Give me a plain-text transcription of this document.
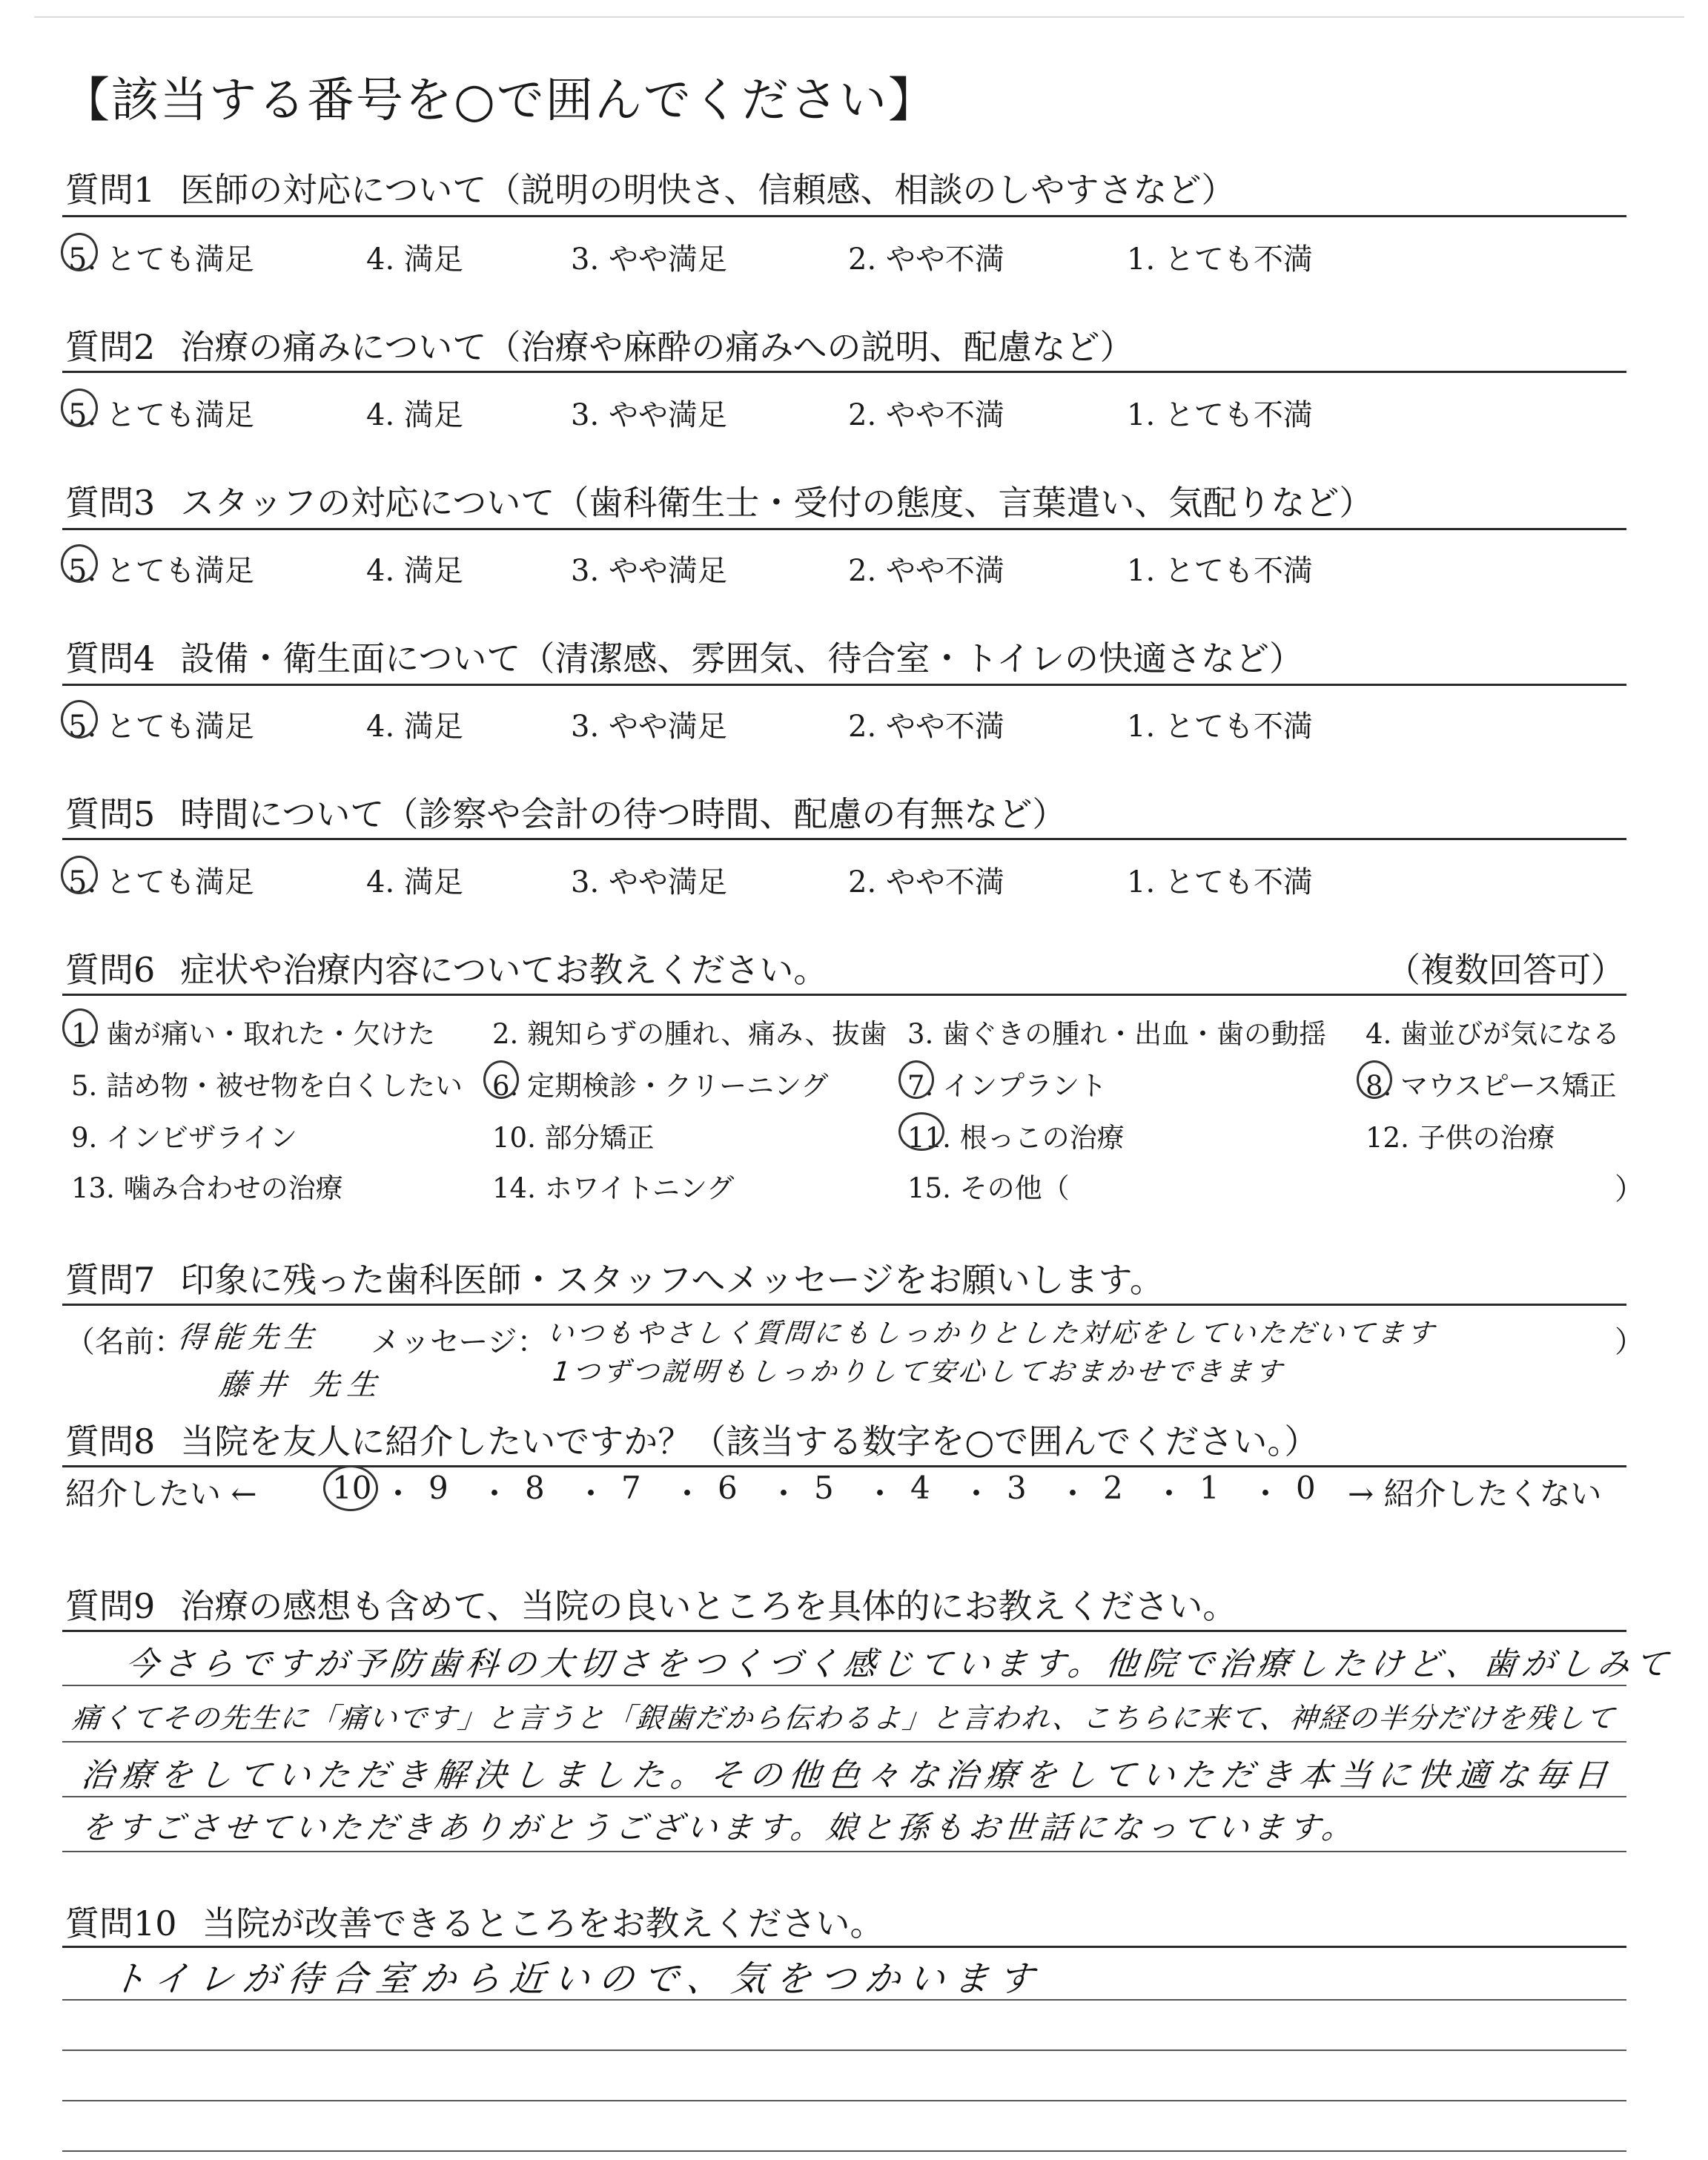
【該当する番号を○で囲んでください】
質問1 医師の対応について（説明の明快さ、信頼感、相談のしやすさなど）
5. とても満足	4. 満足	3. やや満足	2. やや不満	1. とても不満
質問2 治療の痛みについて（治療や麻酔の痛みへの説明、配慮など）
5. とても満足	4. 満足	3. やや満足	2. やや不満	1. とても不満
質問3 スタッフの対応について（歯科衛生士・受付の態度、言葉遣い、気配りなど）
5. とても満足	4. 満足	3. やや満足	2. やや不満	1. とても不満
質問4 設備・衛生面について（清潔感、雰囲気、待合室・トイレの快適さなど）
5. とても満足	4. 満足	3. やや満足	2. やや不満	1. とても不満
質問5 時間について（診察や会計の待つ時間、配慮の有無など）
5. とても満足	4. 満足	3. やや満足	2. やや不満	1. とても不満
質問6 症状や治療内容についてお教えください。	（複数回答可）
1. 歯が痛い・取れた・欠けた 2. 親知らずの腫れ、痛み、抜歯 3. 歯ぐきの腫れ・出血・歯の動揺 4. 歯並びが気になる
5. 詰め物・被せ物を白くしたい 6. 定期検診・クリーニング	7. インプラント	8. マウスピース矯正
9. インビザライン	10. 部分矯正	11. 根っこの治療	12. 子供の治療
13. 噛み合わせの治療	14. ホワイトニング	15. その他（	）
質問7 印象に残った歯科医師・スタッフへメッセージをお願いします。
（名前：
得能先生
藤井 先生
メッセージ：
いつもやさしく質問にもしっかりとした対応をしていただいてます
1つずつ説明もしっかりして安心しておまかせできます
）
質問8 当院を友人に紹介したいですか？（該当する数字を○で囲んでください。）
紹介したい ← 10 ・ 9 ・ 8 ・ 7 ・ 6 ・ 5 ・ 4 ・ 3 ・ 2 ・ 1 ・ 0 → 紹介したくない
質問9 治療の感想も含めて、当院の良いところを具体的にお教えください。
今さらですが予防歯科の大切さをつくづく感じています。他院で治療したけど、歯がしみて
痛くてその先生に「痛いです」と言うと「銀歯だから伝わるよ」と言われ、こちらに来て、神経の半分だけを残して
治療をしていただき解決しました。その他色々な治療をしていただき本当に快適な毎日
をすごさせていただきありがとうございます。娘と孫もお世話になっています。
質問10 当院が改善できるところをお教えください。
トイレが待合室から近いので、気をつかいます
